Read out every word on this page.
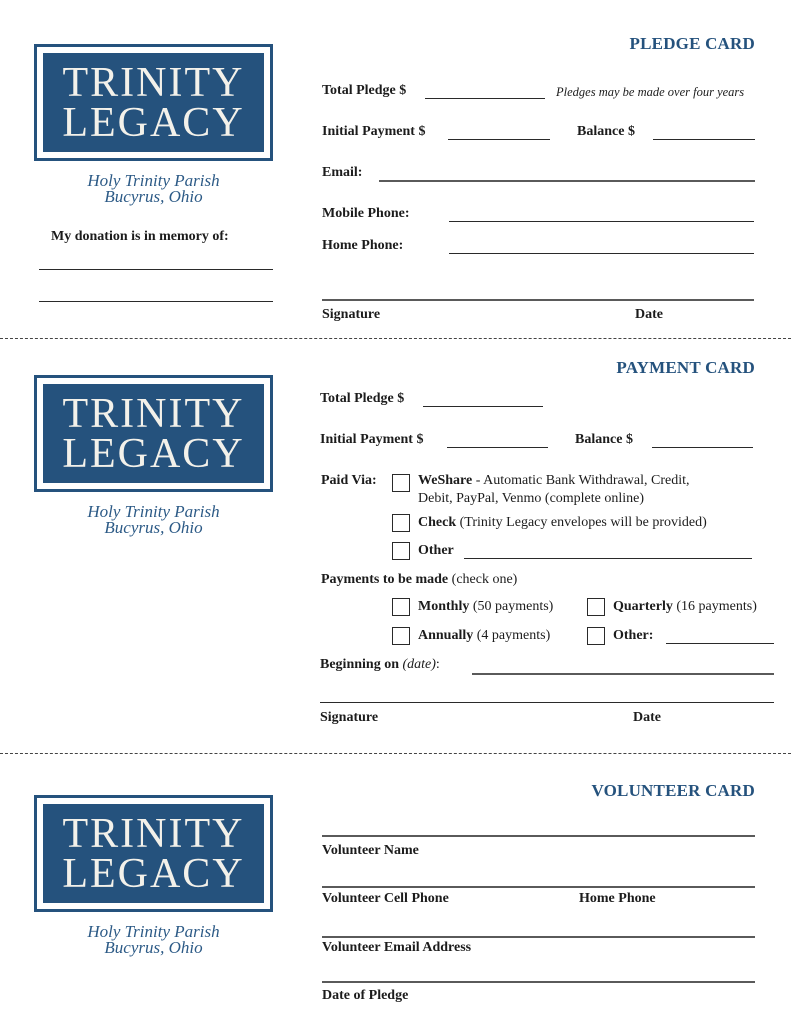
TRINITY
LEGACY
Holy Trinity Parish
Bucyrus, Ohio
My donation is in memory of:
PLEDGE CARD
Total Pledge $	Pledges may be made over four years
Initial Payment $	Balance $
Email:
Mobile Phone:
Home Phone:
Signature	Date
TRINITY
LEGACY
Holy Trinity Parish
Bucyrus, Ohio
PAYMENT CARD
Total Pledge $
Initial Payment $	Balance $
Paid Via:	WeShare - Automatic Bank Withdrawal, Credit,
Debit, PayPal, Venmo (complete online)
Check (Trinity Legacy envelopes will be provided)
Other
Payments to be made (check one)
Monthly (50 payments)	Quarterly (16 payments)
Annually (4 payments)	Other:
Beginning on (date):
Signature	Date
TRINITY
LEGACY
Holy Trinity Parish
Bucyrus, Ohio
VOLUNTEER CARD
Volunteer Name
Volunteer Cell Phone	Home Phone
Volunteer Email Address
Date of Pledge
